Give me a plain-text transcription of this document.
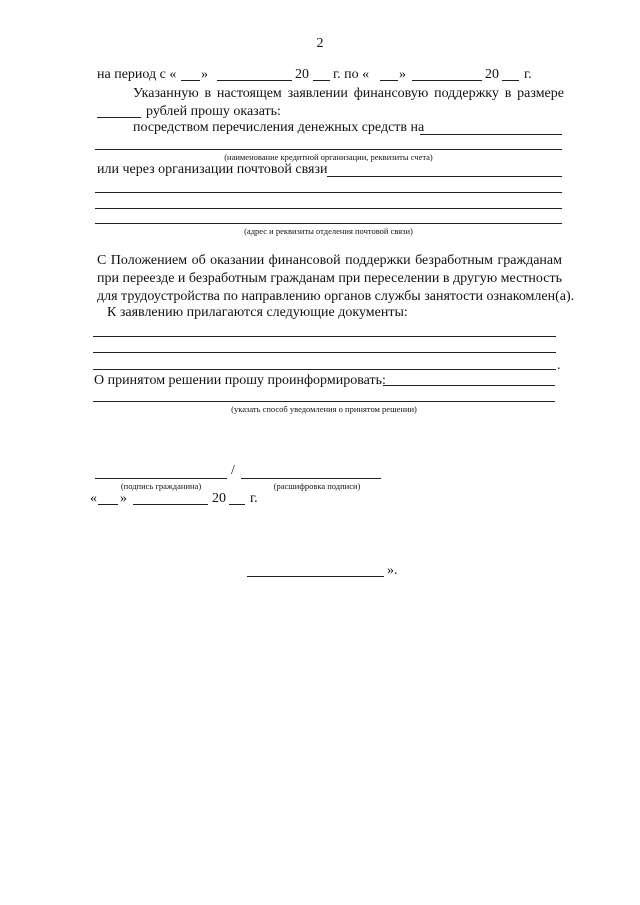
2
на период с « »	20 г. по « »	20 г.
Указанную в настоящем заявлении финансовую поддержку в размере
рублей прошу оказать:
посредством перечисления денежных средств на
(наименование кредитной организации, реквизиты счета)
или через организации почтовой связи
(адрес и реквизиты отделения почтовой связи)
С Положением об оказании финансовой поддержки безработным гражданам
при переезде и безработным гражданам при переселении в другую местность
для трудоустройства по направлению органов службы занятости ознакомлен(а).
К заявлению прилагаются следующие документы:
.
О принятом решении прошу проинформировать:
(указать способ уведомления о принятом решении)
/
(подпись гражданина)	(расшифровка подписи)
« »	20 г.
».
